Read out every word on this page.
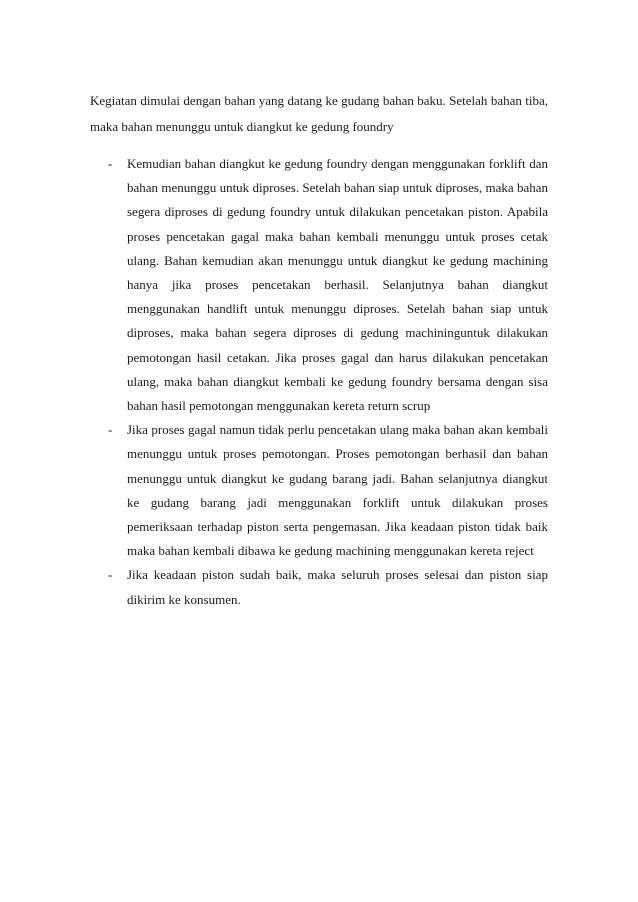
Kegiatan dimulai dengan bahan yang datang ke gudang bahan baku. Setelah bahan tiba, maka bahan menunggu untuk diangkut ke gedung foundry

-	Kemudian bahan diangkut ke gedung foundry dengan menggunakan forklift dan bahan menunggu untuk diproses. Setelah bahan siap untuk diproses, maka bahan segera diproses di gedung foundry untuk dilakukan pencetakan piston. Apabila proses pencetakan gagal maka bahan kembali menunggu untuk proses cetak ulang. Bahan kemudian akan menunggu untuk diangkut ke gedung machining hanya jika proses pencetakan berhasil. Selanjutnya bahan diangkut menggunakan handlift untuk menunggu diproses. Setelah bahan siap untuk diproses, maka bahan segera diproses di gedung machininguntuk dilakukan pemotongan hasil cetakan. Jika proses gagal dan harus dilakukan pencetakan ulang, maka bahan diangkut kembali ke gedung foundry bersama dengan sisa bahan hasil pemotongan menggunakan kereta return scrup
-	Jika proses gagal namun tidak perlu pencetakan ulang maka bahan akan kembali menunggu untuk proses pemotongan. Proses pemotongan berhasil dan bahan menunggu untuk diangkut ke gudang barang jadi. Bahan selanjutnya diangkut ke gudang barang jadi menggunakan forklift untuk dilakukan proses pemeriksaan terhadap piston serta pengemasan. Jika keadaan piston tidak baik maka bahan kembali dibawa ke gedung machining menggunakan kereta reject
-	Jika keadaan piston sudah baik, maka seluruh proses selesai dan piston siap dikirim ke konsumen.
